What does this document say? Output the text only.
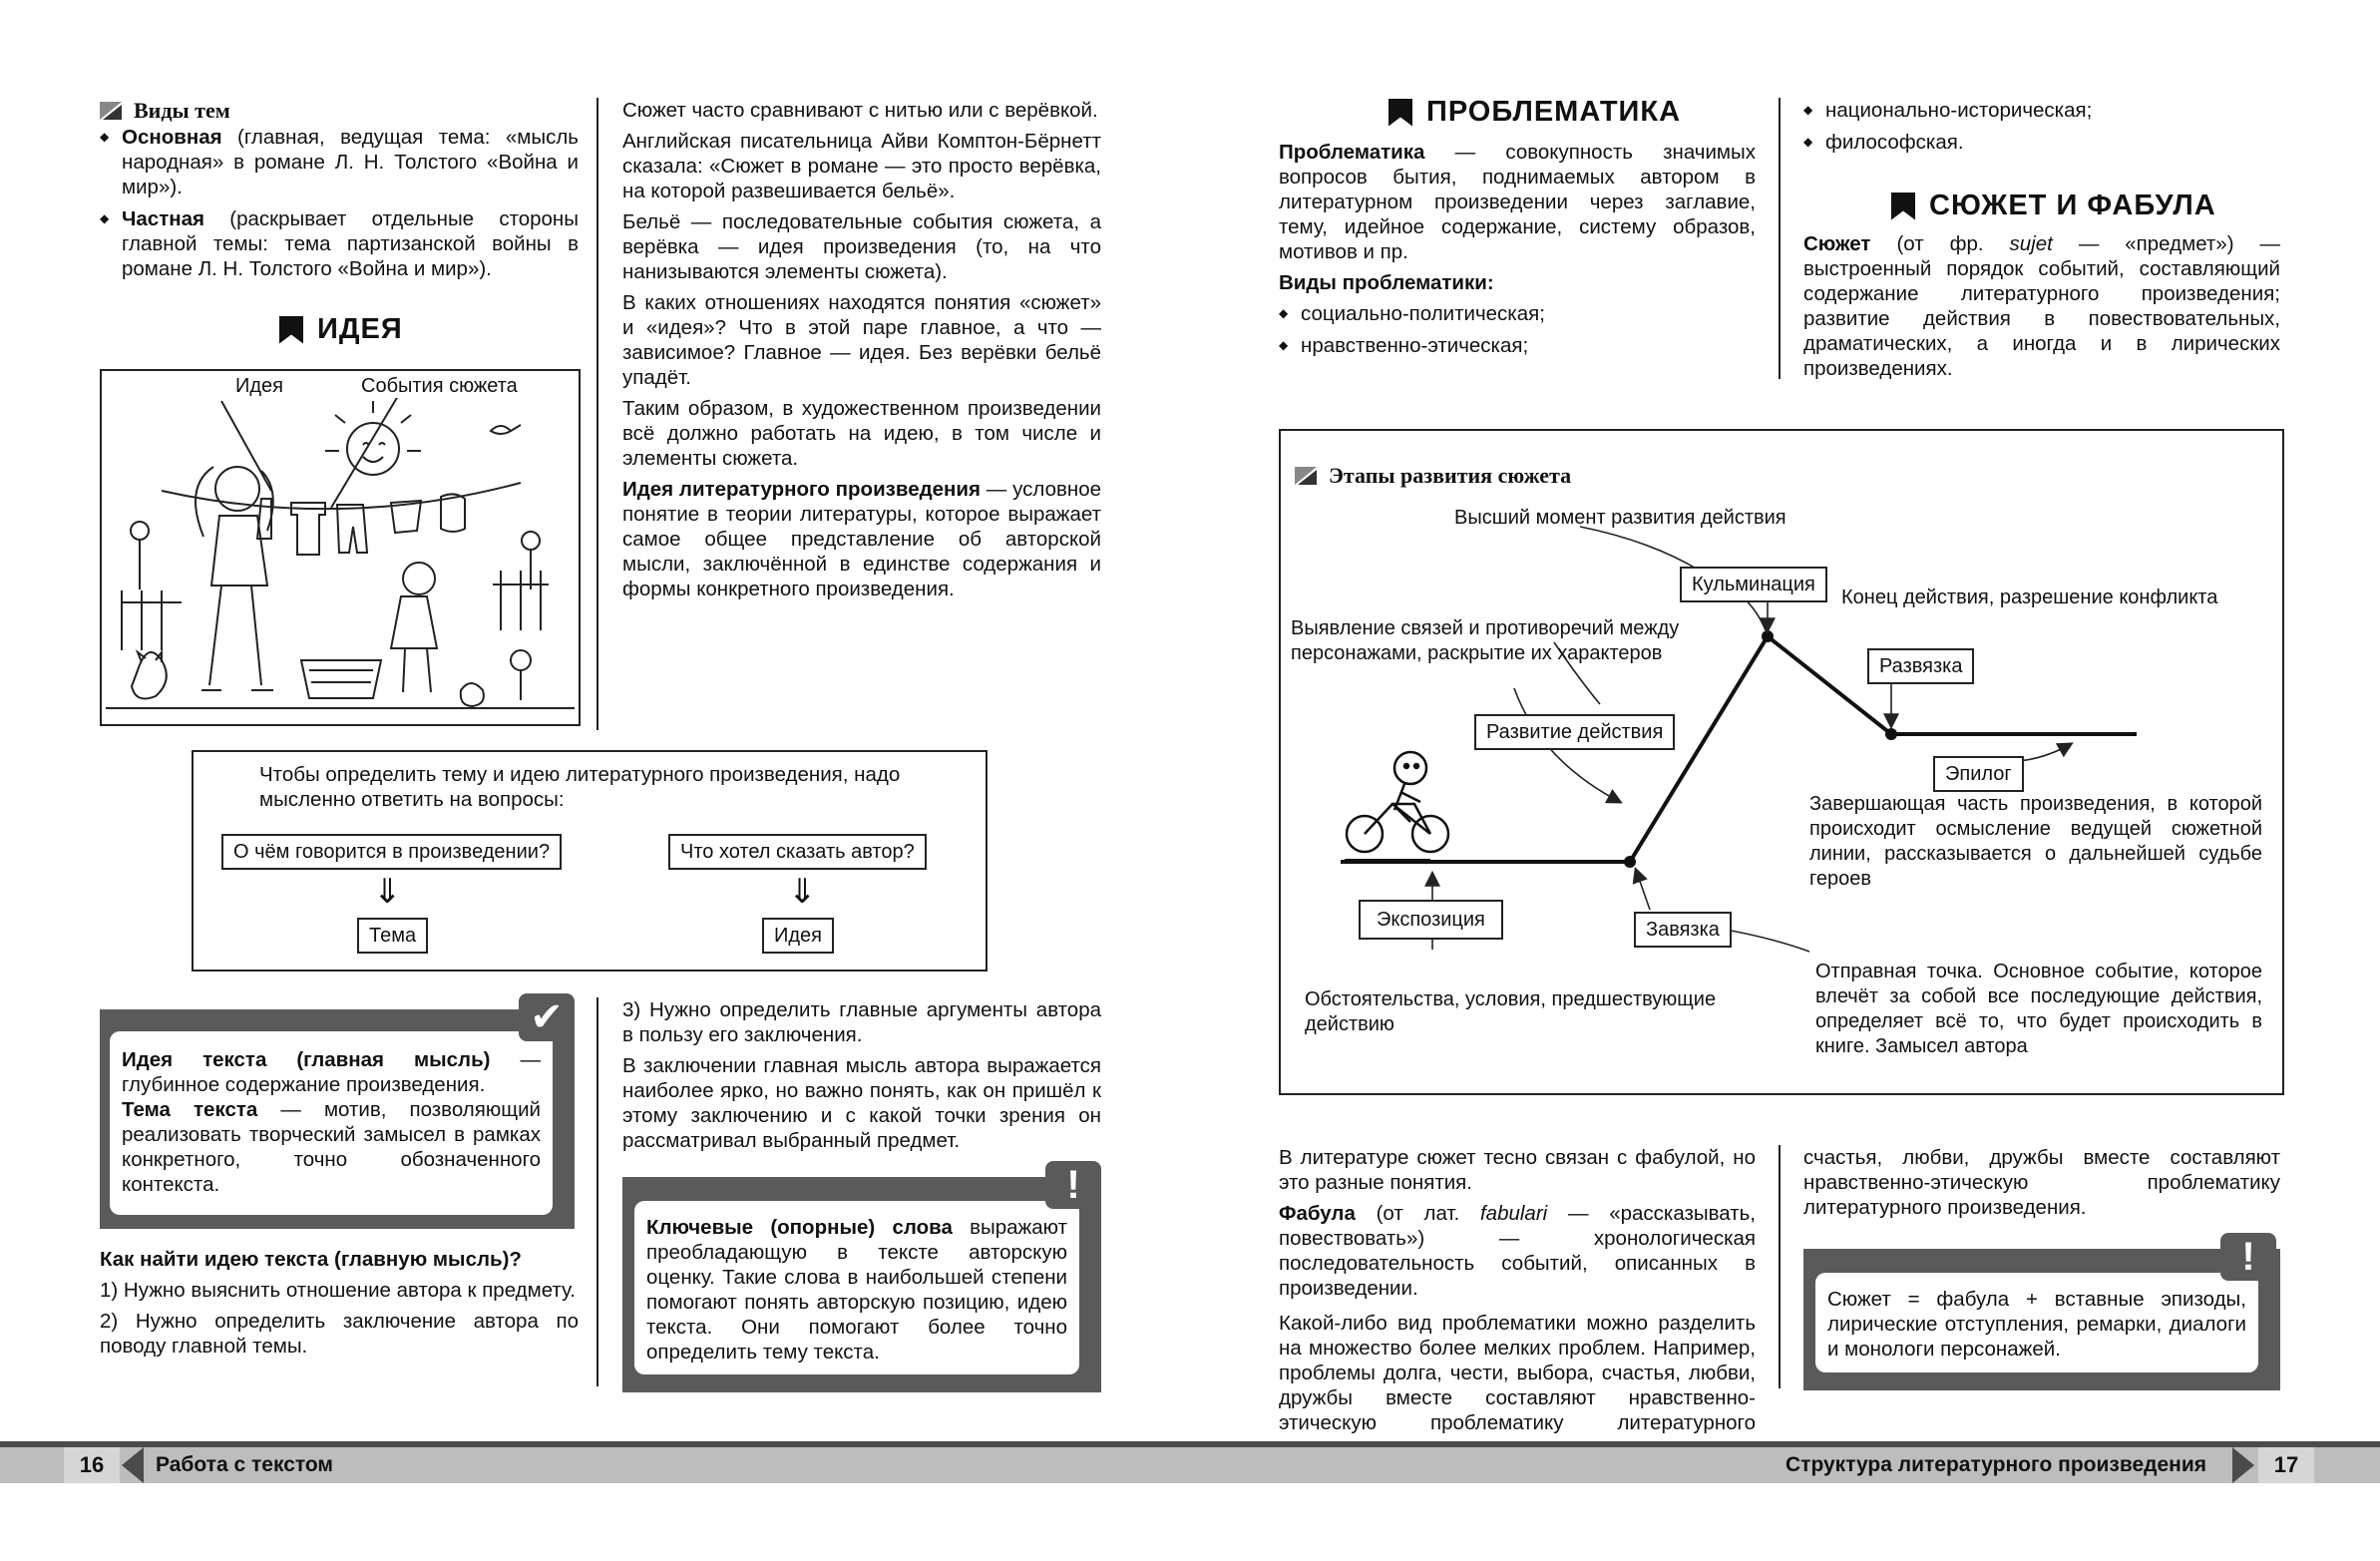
Виды тем
◆ Основная (главная, ведущая тема: «мысль народная» в романе Л. Н. Толстого «Война и мир»).
◆ Частная (раскрывает отдельные стороны главной темы: тема партизанской войны в романе Л. Н. Толстого «Война и мир»).
ИДЕЯ
Идея	События сюжета

Сюжет часто сравнивают с нитью или с верёвкой.

Английская писательница Айви Комптон-Бёрнетт сказала: «Сюжет в романе — это просто верёвка, на которой развешивается бельё».

Бельё — последовательные события сюжета, а верёвка — идея произведения (то, на что нанизываются элементы сюжета).

В каких отношениях находятся понятия «сюжет» и «идея»? Что в этой паре главное, а что — зависимое? Главное — идея. Без верёвки бельё упадёт.

Таким образом, в художественном произведении всё должно работать на идею, в том числе и элементы сюжета.

Идея литературного произведения — условное понятие в теории литературы, которое выражает самое общее представление об авторской мысли, заключённой в единстве содержания и формы конкретного произведения.

Чтобы определить тему и идею литературного произведения, надо мысленно ответить на вопросы:
О чём говорится в произведении?	Что хотел сказать автор?
⇓	⇓
Тема	Идея

Идея текста (главная мысль) — глубинное содержание произведения.

Тема текста — мотив, позволяющий реализовать творческий замысел в рамках конкретного, точно обозначенного контекста.

✔

Как найти идею текста (главную мысль)?

1) Нужно выяснить отношение автора к предмету.

2) Нужно определить заключение автора по поводу главной темы.

3) Нужно определить главные аргументы автора в пользу его заключения.

В заключении главная мысль автора выражается наиболее ярко, но важно понять, как он пришёл к этому заключению и с какой точки зрения он рассматривал выбранный предмет.

Ключевые (опорные) слова выражают преобладающую в тексте авторскую оценку. Такие слова в наибольшей степени помогают понять авторскую позицию, идею текста. Они помогают более точно определить тему текста.

!
ПРОБЛЕМАТИКА

Проблематика — совокупность значимых вопросов бытия, поднимаемых автором в литературном произведении через заглавие, тему, идейное содержание, систему образов, мотивов и пр.

Виды проблематики:

◆ социально-политическая;
◆ нравственно-этическая;
◆ национально-историческая;
◆ философская.
СЮЖЕТ И ФАБУЛА

Сюжет (от фр. sujet — «предмет») — выстроенный порядок событий, составляющий содержание литературного произведения; развитие действия в повествовательных, драматических, а иногда и в лирических произведениях.

Этапы развития сюжета
Высший момент развития действия
Кульминация
Конец действия, разрешение конфликта
Выявление связей и противоречий между персонажами, раскрытие их характеров
Развязка
Развитие действия
Эпилог
Завершающая часть произведения, в которой происходит осмысление ведущей сюжетной линии, рассказывается о дальнейшей судьбе героев
Экспозиция	Завязка
Обстоятельства, условия, предшествующие действию
Отправная точка. Основное событие, которое влечёт за собой все последующие действия, определяет всё то, что будет происходить в книге. Замысел автора

В литературе сюжет тесно связан с фабулой, но это разные понятия.

Фабула (от лат. fabulari — «рассказывать, повествовать») — хронологическая последовательность событий, описанных в произведении.

Какой-либо вид проблематики можно разделить на множество более мелких проблем. Например, проблемы долга, чести, выбора, счастья, любви, дружбы вместе составляют нравственно-этическую проблематику литературного

счастья, любви, дружбы вместе составляют нравственно-этическую проблематику литературного произведения.

Сюжет = фабула + вставные эпизоды, лирические отступления, ремарки, диалоги и монологи персонажей.
!
16	Работа с текстом	Структура литературного произведения	17
